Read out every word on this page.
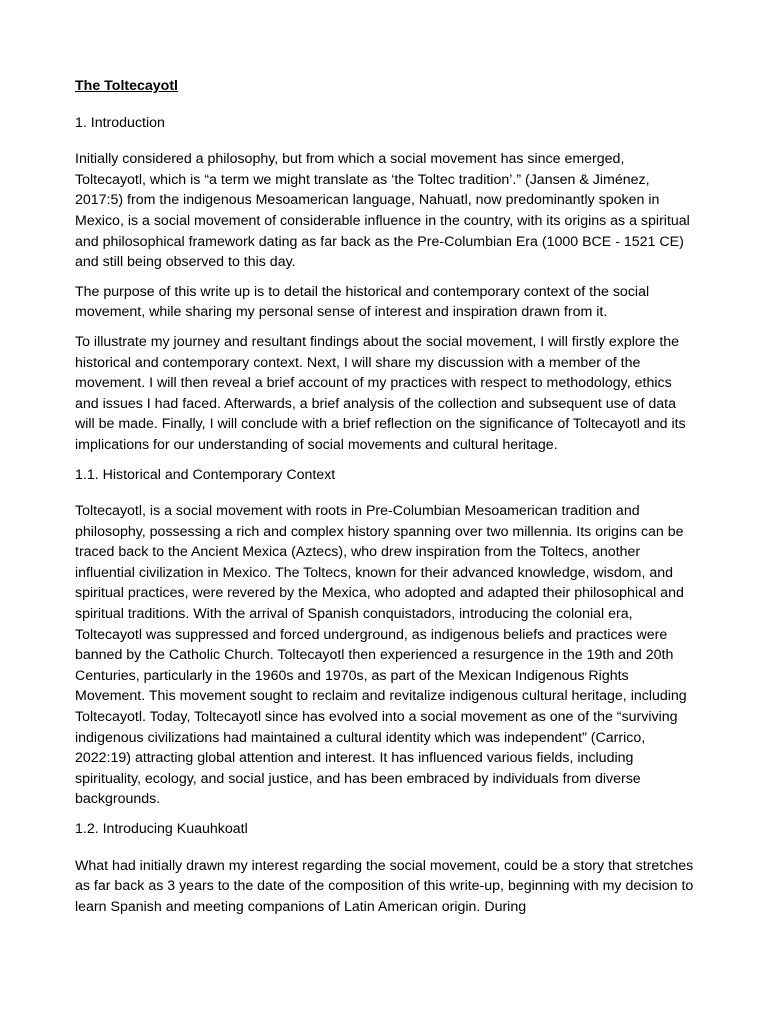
The Toltecayotl
1. Introduction

Initially considered a philosophy, but from which a social movement has since emerged, Toltecayotl, which is “a term we might translate as ‘the Toltec tradition’.” (Jansen & Jiménez, 2017:5) from the indigenous Mesoamerican language, Nahuatl, now predominantly spoken in Mexico, is a social movement of considerable influence in the country, with its origins as a spiritual and philosophical framework dating as far back as the Pre-Columbian Era (1000 BCE - 1521 CE) and still being observed to this day.

The purpose of this write up is to detail the historical and contemporary context of the social movement, while sharing my personal sense of interest and inspiration drawn from it.

To illustrate my journey and resultant findings about the social movement, I will firstly explore the historical and contemporary context. Next, I will share my discussion with a member of the movement. I will then reveal a brief account of my practices with respect to methodology, ethics and issues I had faced. Afterwards, a brief analysis of the collection and subsequent use of data will be made. Finally, I will conclude with a brief reflection on the significance of Toltecayotl and its implications for our understanding of social movements and cultural heritage.

1.1. Historical and Contemporary Context

Toltecayotl, is a social movement with roots in Pre-Columbian Mesoamerican tradition and philosophy, possessing a rich and complex history spanning over two millennia. Its origins can be traced back to the Ancient Mexica (Aztecs), who drew inspiration from the Toltecs, another influential civilization in Mexico. The Toltecs, known for their advanced knowledge, wisdom, and spiritual practices, were revered by the Mexica, who adopted and adapted their philosophical and spiritual traditions. With the arrival of Spanish conquistadors, introducing the colonial era, Toltecayotl was suppressed and forced underground, as indigenous beliefs and practices were banned by the Catholic Church. Toltecayotl then experienced a resurgence in the 19th and 20th Centuries, particularly in the 1960s and 1970s, as part of the Mexican Indigenous Rights Movement. This movement sought to reclaim and revitalize indigenous cultural heritage, including Toltecayotl. Today, Toltecayotl since has evolved into a social movement as one of the “surviving indigenous civilizations had maintained a cultural identity which was independent” (Carrico, 2022:19) attracting global attention and interest. It has influenced various fields, including spirituality, ecology, and social justice, and has been embraced by individuals from diverse backgrounds.

1.2. Introducing Kuauhkoatl

What had initially drawn my interest regarding the social movement, could be a story that stretches as far back as 3 years to the date of the composition of this write-up, beginning with my decision to learn Spanish and meeting companions of Latin American origin. During
